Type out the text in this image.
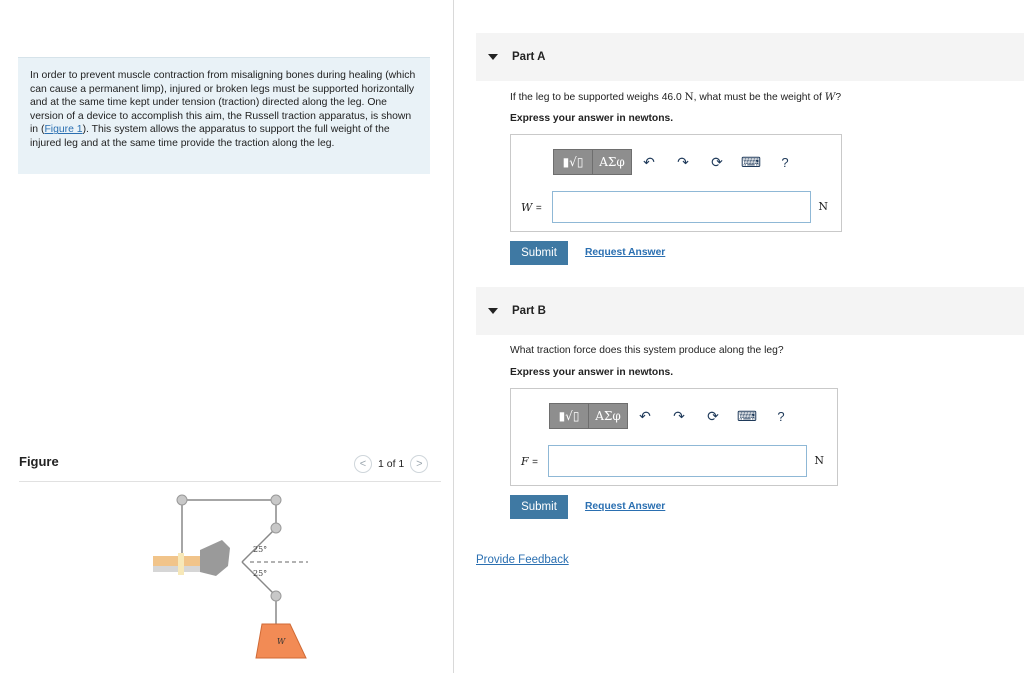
In order to prevent muscle contraction from misaligning bones during healing (which can cause a permanent limp), injured or broken legs must be supported horizontally and at the same time kept under tension (traction) directed along the leg. One version of a device to accomplish this aim, the Russell traction apparatus, is shown in (Figure 1). This system allows the apparatus to support the full weight of the injured leg and at the same time provide the traction along the leg.
Figure	<	1 of 1	>
25°
25°
W
Part A
If the leg to be supported weighs 46.0 N, what must be the weight of W?
Express your answer in newtons.
▮√▯	ΑΣφ	↶	↷	⟳	⌨	?
W =	N
Submit	Request Answer
Part B
What traction force does this system produce along the leg?
Express your answer in newtons.
▮√▯	ΑΣφ	↶	↷	⟳	⌨	?
F =	N
Submit	Request Answer
Provide Feedback
